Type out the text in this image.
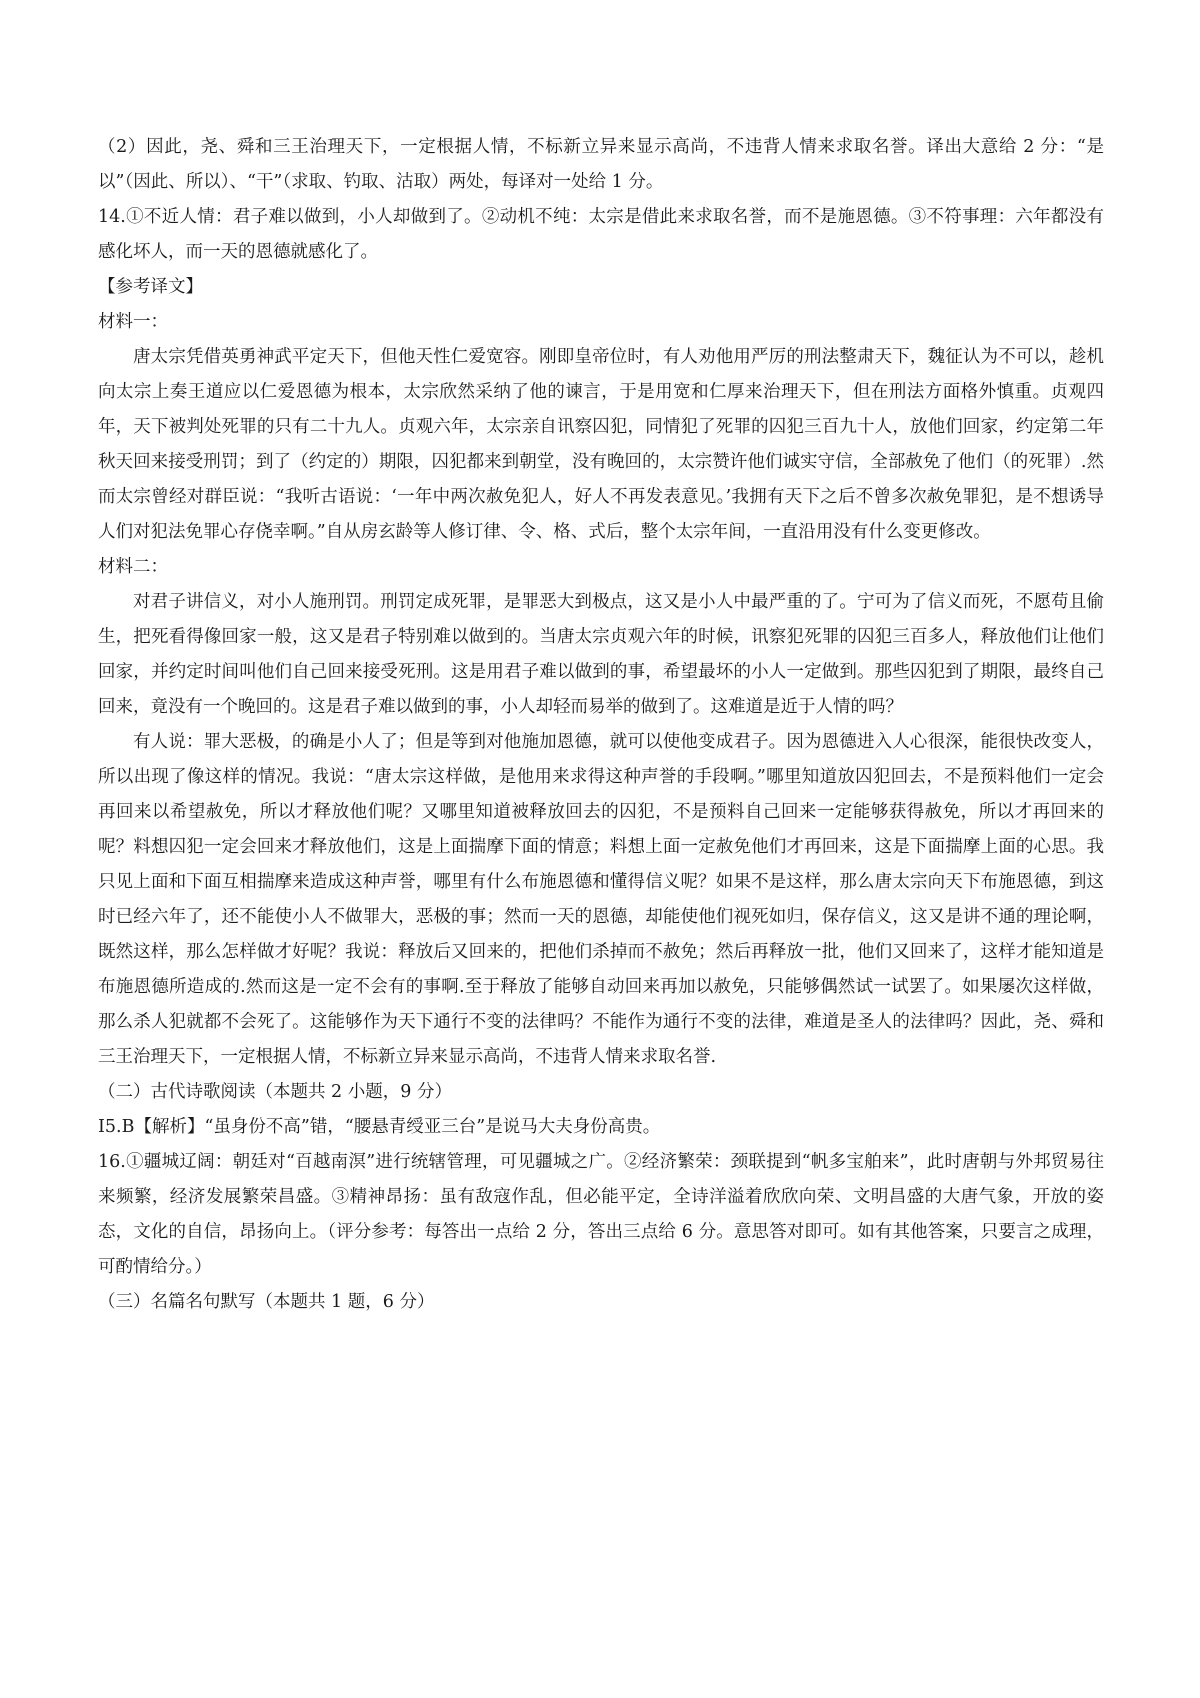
（2）因此，尧、舜和三王治理天下，一定根据人情，不标新立异来显示高尚，不违背人情来求取名誉。译出大意给 2 分：“是以”（因此、所以）、“干”（求取、钓取、沽取）两处，每译对一处给 1 分。

14.①不近人情：君子难以做到，小人却做到了。②动机不纯：太宗是借此来求取名誉，而不是施恩德。③不符事理：六年都没有感化坏人，而一天的恩德就感化了。

【参考译文】

材料一：

唐太宗凭借英勇神武平定天下，但他天性仁爱宽容。刚即皇帝位时，有人劝他用严厉的刑法整肃天下，魏征认为不可以，趁机向太宗上奏王道应以仁爱恩德为根本，太宗欣然采纳了他的谏言，于是用宽和仁厚来治理天下，但在刑法方面格外慎重。贞观四年，天下被判处死罪的只有二十九人。贞观六年，太宗亲自讯察囚犯，同情犯了死罪的囚犯三百九十人，放他们回家，约定第二年秋天回来接受刑罚；到了（约定的）期限，囚犯都来到朝堂，没有晚回的，太宗赞许他们诚实守信，全部赦免了他们（的死罪）.然而太宗曾经对群臣说：“我听古语说：‘一年中两次赦免犯人，好人不再发表意见。’我拥有天下之后不曾多次赦免罪犯，是不想诱导人们对犯法免罪心存侥幸啊。”自从房玄龄等人修订律、令、格、式后，整个太宗年间，一直沿用没有什么变更修改。

材料二：

对君子讲信义，对小人施刑罚。刑罚定成死罪，是罪恶大到极点，这又是小人中最严重的了。宁可为了信义而死，不愿苟且偷生，把死看得像回家一般，这又是君子特别难以做到的。当唐太宗贞观六年的时候，讯察犯死罪的囚犯三百多人，释放他们让他们回家，并约定时间叫他们自己回来接受死刑。这是用君子难以做到的事，希望最坏的小人一定做到。那些囚犯到了期限，最终自己回来，竟没有一个晚回的。这是君子难以做到的事，小人却轻而易举的做到了。这难道是近于人情的吗？

有人说：罪大恶极，的确是小人了；但是等到对他施加恩德，就可以使他变成君子。因为恩德进入人心很深，能很快改变人，所以出现了像这样的情况。我说：“唐太宗这样做，是他用来求得这种声誉的手段啊。”哪里知道放囚犯回去，不是预料他们一定会再回来以希望赦免，所以才释放他们呢？又哪里知道被释放回去的囚犯，不是预料自己回来一定能够获得赦免，所以才再回来的呢？料想囚犯一定会回来才释放他们，这是上面揣摩下面的情意；料想上面一定赦免他们才再回来，这是下面揣摩上面的心思。我只见上面和下面互相揣摩来造成这种声誉，哪里有什么布施恩德和懂得信义呢？如果不是这样，那么唐太宗向天下布施恩德，到这时已经六年了，还不能使小人不做罪大，恶极的事；然而一天的恩德，却能使他们视死如归，保存信义，这又是讲不通的理论啊，既然这样，那么怎样做才好呢？我说：释放后又回来的，把他们杀掉而不赦免；然后再释放一批，他们又回来了，这样才能知道是布施恩德所造成的.然而这是一定不会有的事啊.至于释放了能够自动回来再加以赦免，只能够偶然试一试罢了。如果屡次这样做，那么杀人犯就都不会死了。这能够作为天下通行不变的法律吗？不能作为通行不变的法律，难道是圣人的法律吗？因此，尧、舜和三王治理天下，一定根据人情，不标新立异来显示高尚，不违背人情来求取名誉.

（二）古代诗歌阅读（本题共 2 小题，9 分）

I5.B【解析】“虽身份不高”错，“腰悬青绶亚三台”是说马大夫身份高贵。

16.①疆城辽阔：朝廷对“百越南溟”进行统辖管理，可见疆城之广。②经济繁荣：颈联提到“帆多宝舶来”，此时唐朝与外邦贸易往来频繁，经济发展繁荣昌盛。③精神昂扬：虽有敌寇作乱，但必能平定，全诗洋溢着欣欣向荣、文明昌盛的大唐气象，开放的姿态，文化的自信，昂扬向上。（评分参考：每答出一点给 2 分，答出三点给 6 分。意思答对即可。如有其他答案，只要言之成理，可酌情给分。）

（三）名篇名句默写（本题共 1 题，6 分）
